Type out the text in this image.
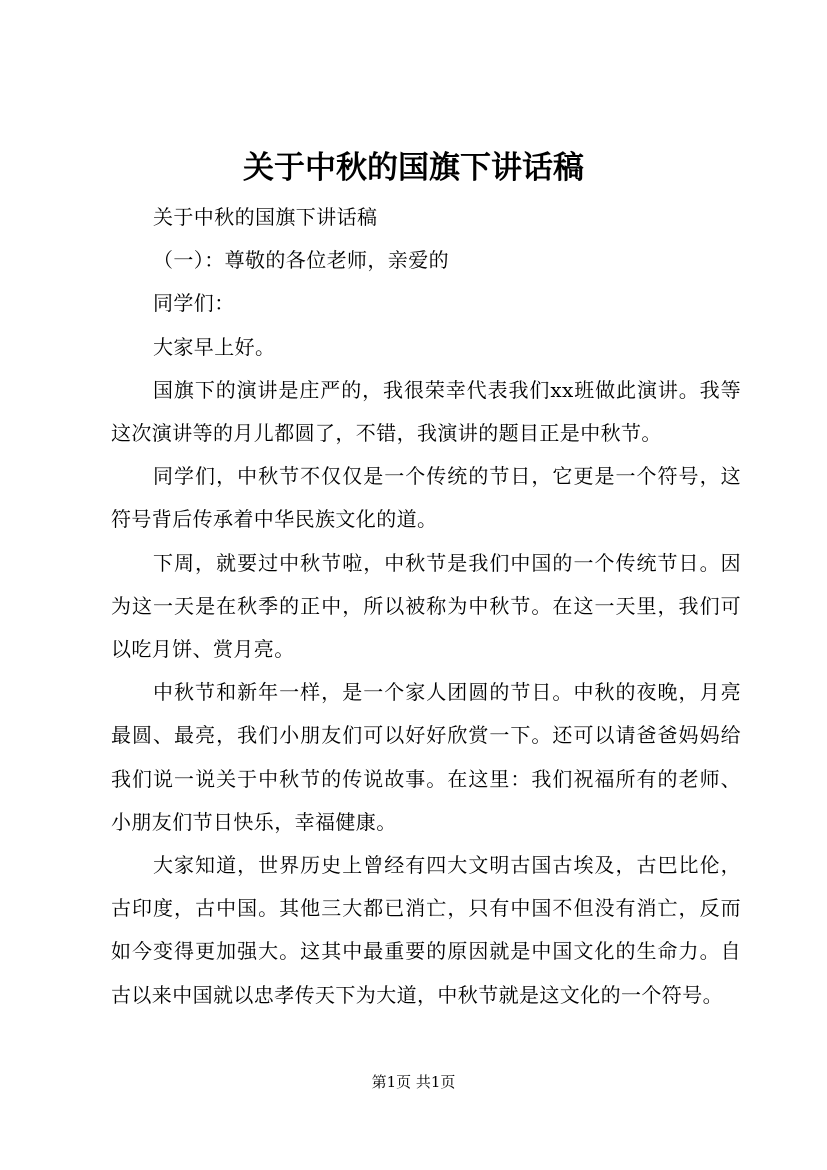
关于中秋的国旗下讲话稿

关于中秋的国旗下讲话稿

（一）：尊敬的各位老师，亲爱的

同学们：

大家早上好。

国旗下的演讲是庄严的，我很荣幸代表我们xx班做此演讲。我等这次演讲等的月儿都圆了，不错，我演讲的题目正是中秋节。

同学们，中秋节不仅仅是一个传统的节日，它更是一个符号，这符号背后传承着中华民族文化的道。

下周，就要过中秋节啦，中秋节是我们中国的一个传统节日。因为这一天是在秋季的正中，所以被称为中秋节。在这一天里，我们可以吃月饼、赏月亮。

中秋节和新年一样，是一个家人团圆的节日。中秋的夜晚，月亮最圆、最亮，我们小朋友们可以好好欣赏一下。还可以请爸爸妈妈给我们说一说关于中秋节的传说故事。在这里：我们祝福所有的老师、小朋友们节日快乐，幸福健康。

大家知道，世界历史上曾经有四大文明古国古埃及，古巴比伦，古印度，古中国。其他三大都已消亡，只有中国不但没有消亡，反而如今变得更加强大。这其中最重要的原因就是中国文化的生命力。自古以来中国就以忠孝传天下为大道，中秋节就是这文化的一个符号。

第1页 共1页
